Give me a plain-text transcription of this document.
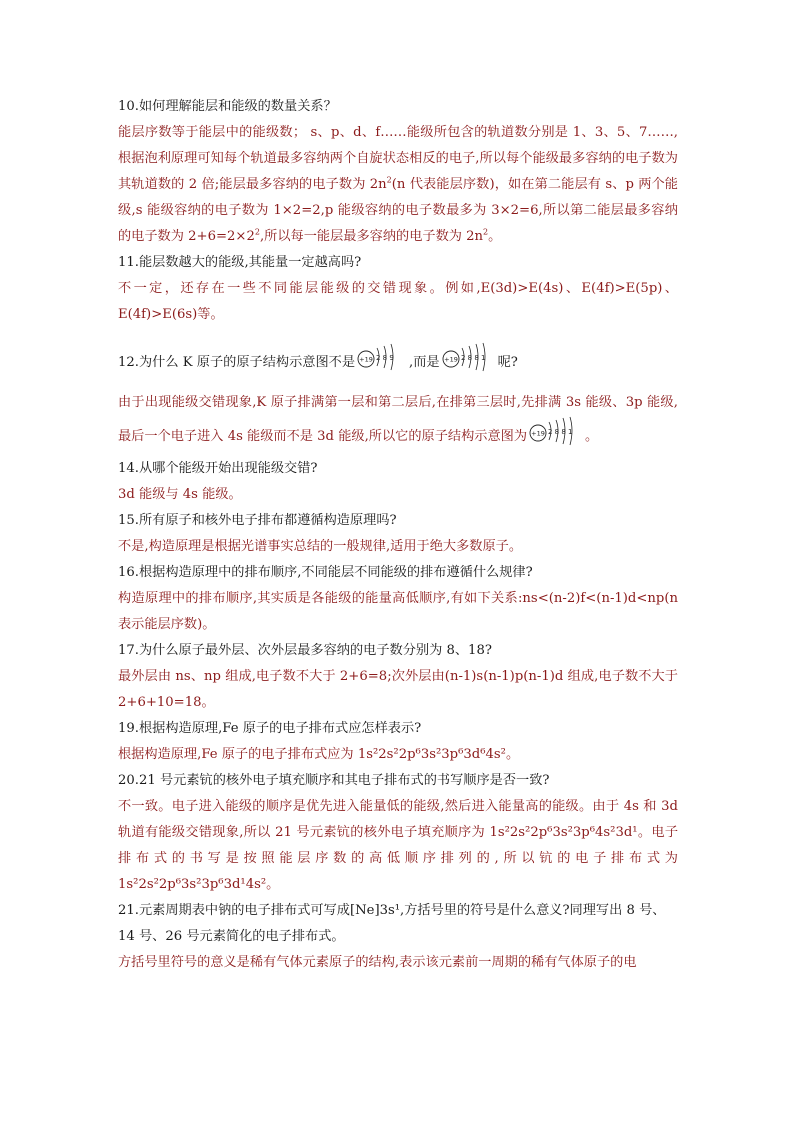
10.如何理解能层和能级的数量关系？

能层序数等于能层中的能级数； s、p、d、f……能级所包含的轨道数分别是 1、3、5、7……,根据泡利原理可知每个轨道最多容纳两个自旋状态相反的电子,所以每个能级最多容纳的电子数为其轨道数的 2 倍;能层最多容纳的电子数为 $2n^2(n$ 代表能层序数)，如在第二能层有 s、p 两个能级,s 能级容纳的电子数为 1×2=2,p 能级容纳的电子数最多为 3×2=6,所以第二能层最多容纳的电子数为 $2+6=2\times 2^2$,所以每一能层最多容纳的电子数为 $2n^2$。

11.能层数越大的能级,其能量一定越高吗?

不一定，还存在一些不同能层能级的交错现象。例如,E(3d)>E(4s)、E(4f)>E(5p)、E(4f)>E(6s)等。

12.为什么 K 原子的原子结构示意图不是 +19 2 8 9 ,而是 +19 2 8 8 1 呢?

由于出现能级交错现象,K 原子排满第一层和第二层后,在排第三层时,先排满 3s 能级、3p 能级,最后一个电子进入 4s 能级而不是 3d 能级,所以它的原子结构示意图为 +19 2 8 8 1 。

14.从哪个能级开始出现能级交错?

3d 能级与 4s 能级。

15.所有原子和核外电子排布都遵循构造原理吗?

不是,构造原理是根据光谱事实总结的一般规律,适用于绝大多数原子。

16.根据构造原理中的排布顺序,不同能层不同能级的排布遵循什么规律?

构造原理中的排布顺序,其实质是各能级的能量高低顺序,有如下关系:ns<(n-2)f<(n-1)d<np(n 表示能层序数)。

17.为什么原子最外层、次外层最多容纳的电子数分别为 8、18?

最外层由 ns、np 组成,电子数不大于 2+6=8;次外层由(n-1)s(n-1)p(n-1)d 组成,电子数不大于 2+6+10=18。

19.根据构造原理,Fe 原子的电子排布式应怎样表示?

根据构造原理,Fe 原子的电子排布式应为 1s²2s²2p⁶3s²3p⁶3d⁶4s²。

20.21 号元素钪的核外电子填充顺序和其电子排布式的书写顺序是否一致?

不一致。电子进入能级的顺序是优先进入能量低的能级,然后进入能量高的能级。由于 4s 和 3d 轨道有能级交错现象,所以 21 号元素钪的核外电子填充顺序为 1s²2s²2p⁶3s²3p⁶4s²3d¹。电子排布式的书写是按照能层序数的高低顺序排列的,所以钪的电子排布式为 1s²2s²2p⁶3s²3p⁶3d¹4s²。

21.元素周期表中钠的电子排布式可写成[Ne]3s¹,方括号里的符号是什么意义?同理写出 8 号、14 号、26 号元素简化的电子排布式。

方括号里符号的意义是稀有气体元素原子的结构,表示该元素前一周期的稀有气体原子的电
